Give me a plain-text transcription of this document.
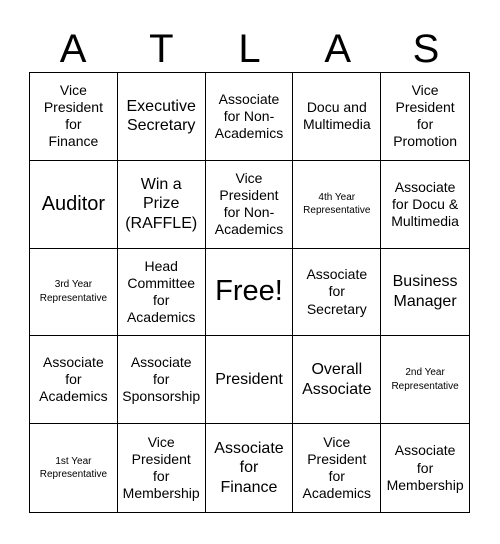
A	T	L	A	S
Vice
President
for
Finance
Executive
Secretary
Associate
for Non-
Academics
Docu and
Multimedia
Vice
President
for
Promotion
Auditor
Win a
Prize
(RAFFLE)
Vice
President
for Non-
Academics
4th Year
Representative
Associate
for Docu &
Multimedia
3rd Year
Representative
Head
Committee
for
Academics
Free!
Associate
for
Secretary
Business
Manager
Associate
for
Academics
Associate
for
Sponsorship
President
Overall
Associate
2nd Year
Representative
1st Year
Representative
Vice
President
for
Membership
Associate
for
Finance
Vice
President
for
Academics
Associate
for
Membership
